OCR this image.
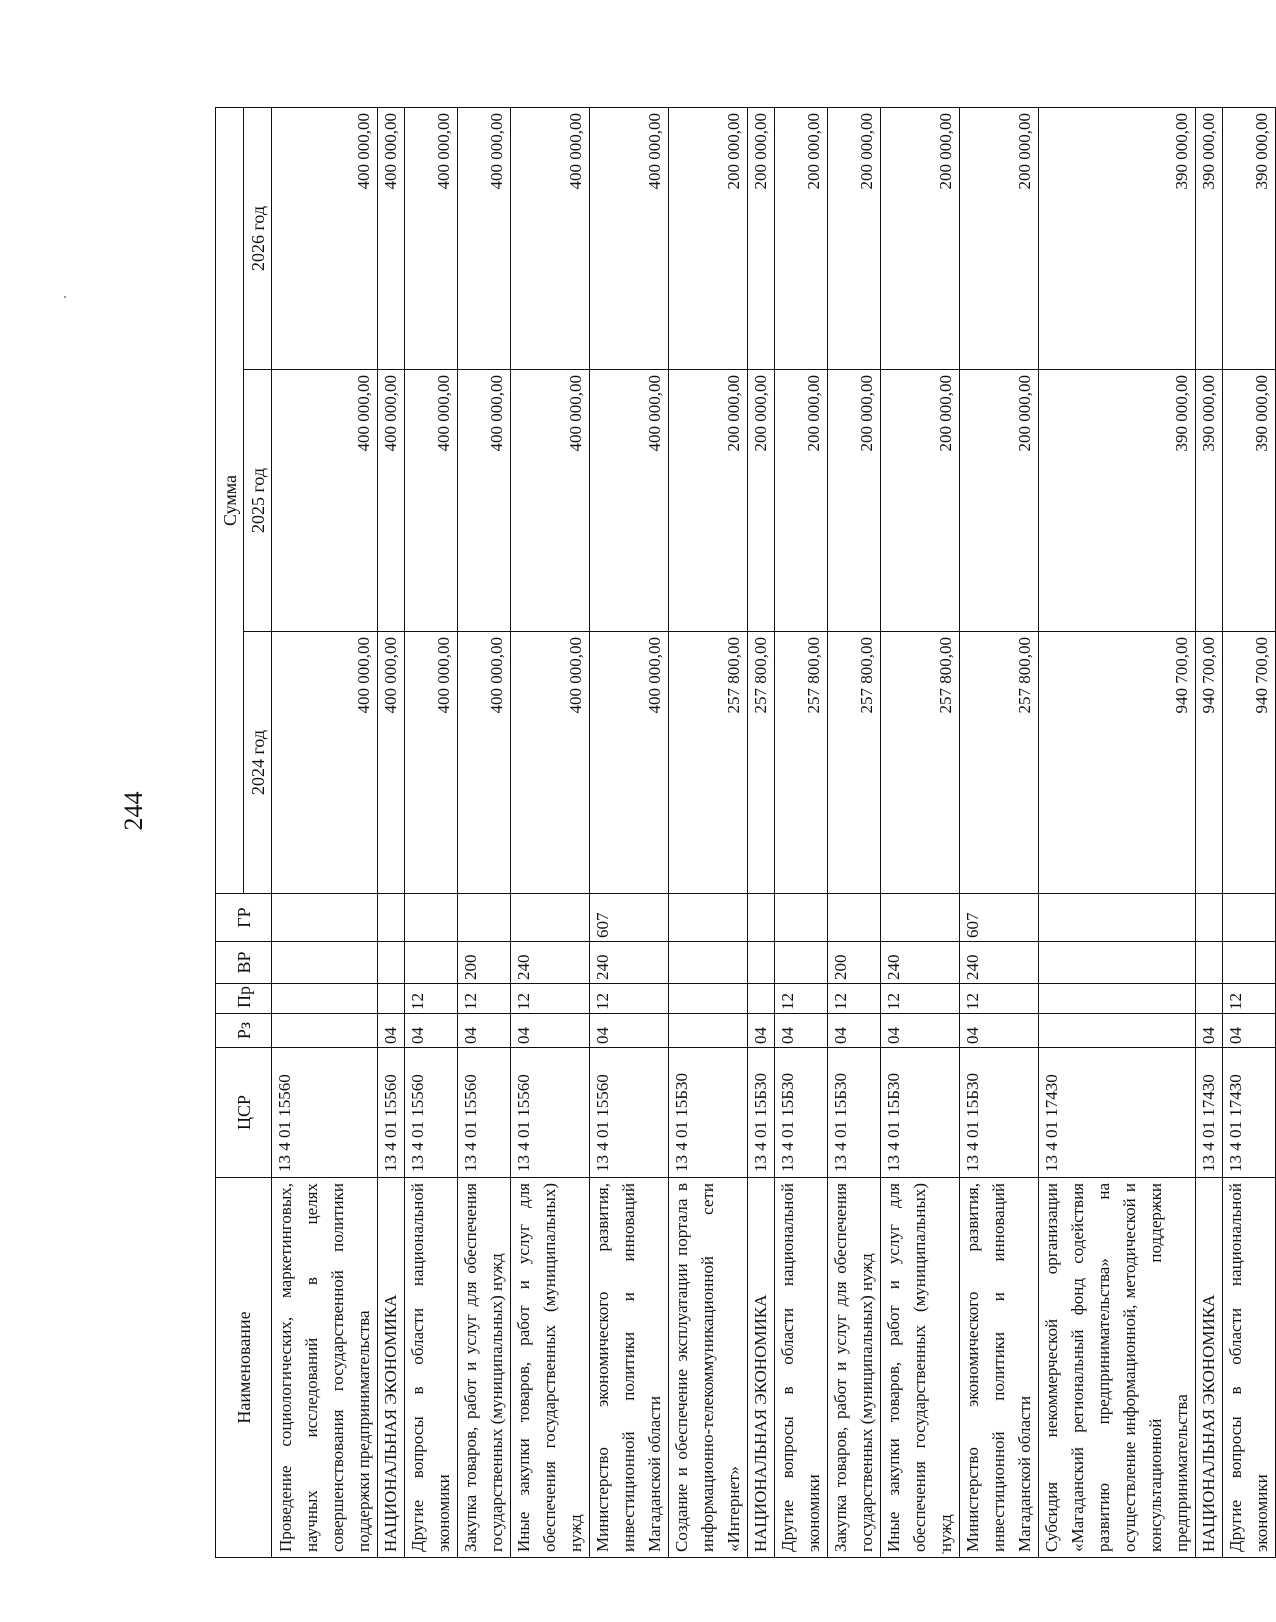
244
Наименование	ЦСР	Рз	Пр	ВР	ГР	Сумма		
						2024 год	2025 год	2026 год
Проведение социологических, маркетинговых, научных исследований в целях совершенствования государственной политики поддержки предпринимательства	13 4 01 15560					400 000,00	400 000,00	400 000,00
НАЦИОНАЛЬНАЯ ЭКОНОМИКА	13 4 01 15560	04				400 000,00	400 000,00	400 000,00
Другие вопросы в области национальной экономики	13 4 01 15560	04	12			400 000,00	400 000,00	400 000,00
Закупка товаров, работ и услуг для обеспечения государственных (муниципальных) нужд	13 4 01 15560	04	12	200		400 000,00	400 000,00	400 000,00
Иные закупки товаров, работ и услуг для обеспечения государственных (муниципальных) нужд	13 4 01 15560	04	12	240		400 000,00	400 000,00	400 000,00
Министерство экономического развития, инвестиционной политики и инноваций Магаданской области	13 4 01 15560	04	12	240	607	400 000,00	400 000,00	400 000,00
Создание и обеспечение эксплуатации портала в информационно-телекоммуникационной сети «Интернет»	13 4 01 15Б30					257 800,00	200 000,00	200 000,00
НАЦИОНАЛЬНАЯ ЭКОНОМИКА	13 4 01 15Б30	04				257 800,00	200 000,00	200 000,00
Другие вопросы в области национальной экономики	13 4 01 15Б30	04	12			257 800,00	200 000,00	200 000,00
Закупка товаров, работ и услуг для обеспечения государственных (муниципальных) нужд	13 4 01 15Б30	04	12	200		257 800,00	200 000,00	200 000,00
Иные закупки товаров, работ и услуг для обеспечения государственных (муниципальных) нужд	13 4 01 15Б30	04	12	240		257 800,00	200 000,00	200 000,00
Министерство экономического развития, инвестиционной политики и инноваций Магаданской области	13 4 01 15Б30	04	12	240	607	257 800,00	200 000,00	200 000,00
Субсидия некоммерческой организации «Магаданский региональный фонд содействия развитию предпринимательства» на осуществление информационной, методической и консультационной поддержки предпринимательства	13 4 01 17430					940 700,00	390 000,00	390 000,00
НАЦИОНАЛЬНАЯ ЭКОНОМИКА	13 4 01 17430	04				940 700,00	390 000,00	390 000,00
Другие вопросы в области национальной экономики	13 4 01 17430	04	12			940 700,00	390 000,00	390 000,00
